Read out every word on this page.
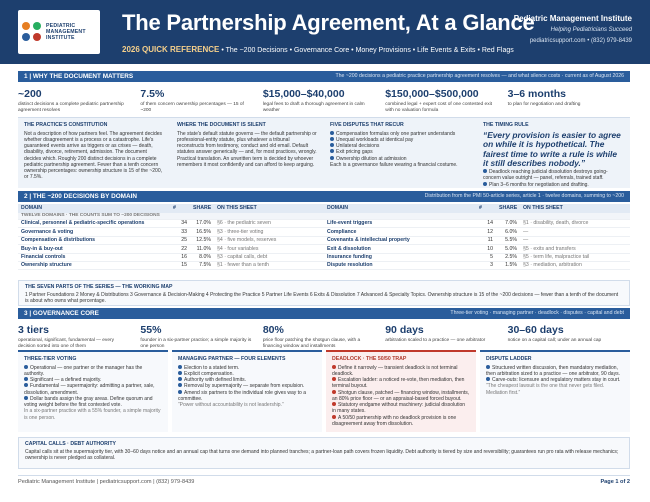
PEDIATRIC
MANAGEMENT
INSTITUTE
The Partnership Agreement, At a Glance
2026 QUICK REFERENCE • The ~200 Decisions • Governance Core • Money Provisions • Life Events & Exits • Red Flags
Pediatric Management Institute
Helping Pediatricians Succeed
pediatricsupport.com • (832) 979-8439
1 | WHY THE DOCUMENT MATTERS	The ~200 decisions a pediatric practice partnership agreement resolves — and what silence costs · current as of August 2026
~200
distinct decisions a complete pediatric partnership agreement resolves
7.5%
of them concern ownership percentages — 15 of ~200
$15,000–$40,000
legal fees to draft a thorough agreement in calm weather
$150,000–$500,000
combined legal + expert cost of one contested exit with no valuation formula
3–6 months
to plan for negotiation and drafting
THE PRACTICE'S CONSTITUTION
Not a description of how partners feel. The agreement decides whether disagreement is a process or a catastrophe. Life's guaranteed events arrive as triggers or as crises — death, disability, divorce, retirement, admission. The document decides which. Roughly 200 distinct decisions in a complete pediatric partnership agreement. Fewer than a tenth concern ownership percentages: ownership structure is 15 of the ~200, or 7.5%.
WHERE THE DOCUMENT IS SILENT
The state's default statute governs — the default partnership or professional-entity statute, plus whatever a tribunal reconstructs from testimony, conduct and old email. Default statutes answer generically — and, for most practices, wrongly. Practical translation. An unwritten term is decided by whoever remembers it most confidently and can afford to keep arguing.
FIVE DISPUTES THAT RECUR
Compensation formulas only one partner understands
Unequal workloads at identical pay
Unilateral decisions
Exit pricing gaps
Ownership dilution at admission
Each is a governance failure wearing a financial costume.
THE TIMING RULE
“Every provision is easier to agree on while it is hypothetical. The fairest time to write a rule is while it still describes nobody.”
Deadlock reaching judicial dissolution destroys going-concern value outright — panel, referrals, trained staff.
Plan 3–6 months for negotiation and drafting.
2 | THE ~200 DECISIONS BY DOMAIN	Distribution from the PMI 50-article series, article 1 · twelve domains, summing to ~200
DOMAIN	#	SHARE	ON THIS SHEET	DOMAIN	#	SHARE	ON THIS SHEET
TWELVE DOMAINS · THE COUNTS SUM TO ~200 DECISIONS							
Clinical, personnel & pediatric-specific operations	34	17.0%	§6 · the pediatric seven	Life-event triggers	14	7.0%	§1 · disability, death, divorce
Governance & voting	33	16.5%	§3 · three-tier voting	Compliance	12	6.0%	—
Compensation & distributions	25	12.5%	§4 · five models, reserves	Covenants & intellectual property	11	5.5%	—
Buy-in & buy-out	22	11.0%	§4 · four variables	Exit & dissolution	10	5.0%	§5 · exits and transfers
Financial controls	16	8.0%	§3 · capital calls, debt	Insurance funding	5	2.5%	§5 · term life, malpractice tail
Ownership structure	15	7.5%	§1 · fewer than a tenth	Dispute resolution	3	1.5%	§3 · mediation, arbitration
THE SEVEN PARTS OF THE SERIES — THE WORKING MAP
1 Partner Foundations 2 Money & Distributions 3 Governance & Decision-Making 4 Protecting the Practice 5 Partner Life Events 6 Exits & Dissolution 7 Advanced & Specialty Topics. Ownership structure is 15 of the ~200 decisions — fewer than a tenth of the document is about who owns what percentage.
3 | GOVERNANCE CORE	Three-tier voting · managing partner · deadlock · disputes · capital and debt
3 tiers
operational, significant, fundamental — every decision sorted into one of them
55%
founder in a six-partner practice; a simple majority is one person
80%
price floor patching the shotgun clause, with a financing window and installments
90 days
arbitration scaled to a practice — one arbitrator
30–60 days
notice on a capital call; under an annual cap
THREE-TIER VOTING
Operational — one partner or the manager has the authority.
Significant — a defined majority.
Fundamental — supermajority: admitting a partner, sale, dissolution, amendment.
Dollar bands assign the gray areas. Define quorum and voting weight before the first contested vote.
In a six-partner practice with a 55% founder, a simple majority is one person.
MANAGING PARTNER — FOUR ELEMENTS
Election to a stated term.
Explicit compensation.
Authority with defined limits.
Removal by supermajority — separate from expulsion.
Amend six partners to the individual role gives way to a committee.
“Power without accountability is not leadership.”
DEADLOCK · THE 50/50 TRAP
Define it narrowly — transient deadlock is not terminal deadlock.
Escalation ladder: a noticed re-vote, then mediation, then terminal buyout.
Shotgun clause, patched — financing window, installments, an 80% price floor — or an appraisal-based forced buyout.
Statutory endgame without machinery: judicial dissolution in many states.
A 50/50 partnership with no deadlock provision is one disagreement away from dissolution.
DISPUTE LADDER
Structured written discussion, then mandatory mediation, then arbitration sized to a practice — one arbitrator, 90 days.
Carve-outs: licensure and regulatory matters stay in court.
“The cheapest lawsuit is the one that never gets filed. Mediation first.”
CAPITAL CALLS · DEBT AUTHORITY
Capital calls sit at the supermajority tier, with 30–60 days notice and an annual cap that turns one demand into planned tranches; a partner-loan path covers frozen liquidity. Debt authority is tiered by size and reversibility; guarantees run pro rata with release mechanics; ownership is never pledged as collateral.
Pediatric Management Institute | pediatricsupport.com | (832) 979-8439	Page 1 of 2
